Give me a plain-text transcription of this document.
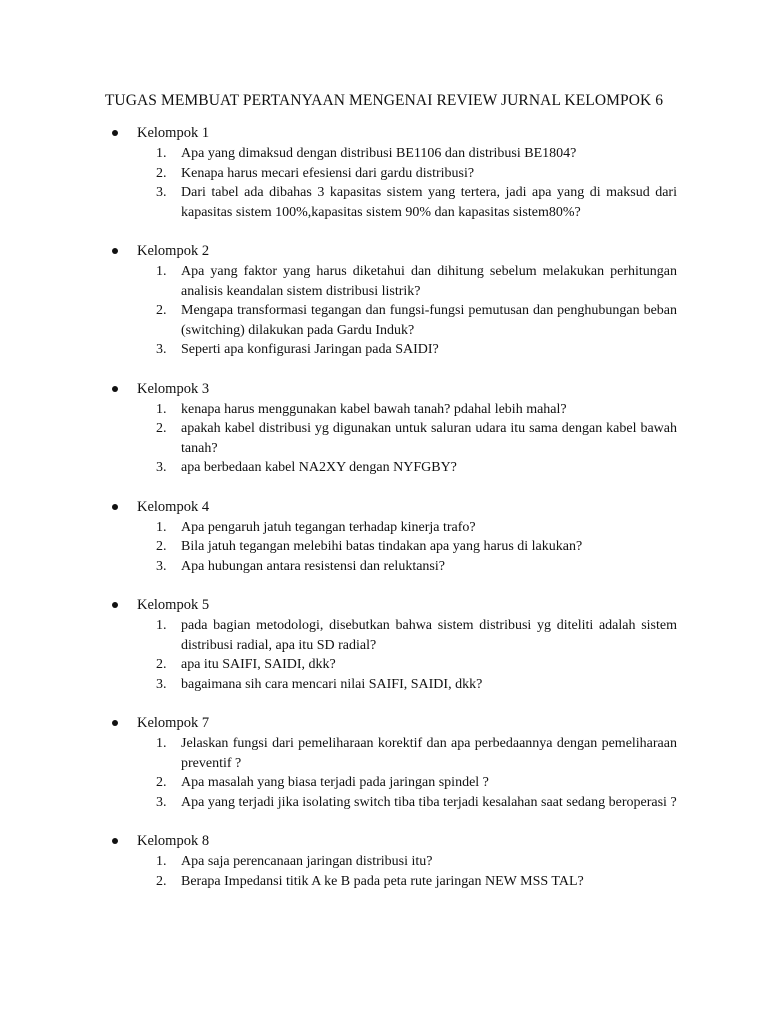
TUGAS MEMBUAT PERTANYAAN MENGENAI REVIEW JURNAL KELOMPOK 6
Kelompok 1
1. Apa yang dimaksud dengan distribusi BE1106 dan distribusi BE1804?
2. Kenapa harus mecari efesiensi dari gardu distribusi?
3. Dari tabel ada dibahas 3 kapasitas sistem yang tertera, jadi apa yang di maksud dari kapasitas sistem 100%,kapasitas sistem 90% dan kapasitas sistem80%?
Kelompok 2
1. Apa yang faktor yang harus diketahui dan dihitung sebelum melakukan perhitungan analisis keandalan sistem distribusi listrik?
2. Mengapa transformasi tegangan dan fungsi-fungsi pemutusan dan penghubungan beban (switching) dilakukan pada Gardu Induk?
3. Seperti apa konfigurasi Jaringan pada SAIDI?
Kelompok 3
1. kenapa harus menggunakan kabel bawah tanah? pdahal lebih mahal?
2. apakah kabel distribusi yg digunakan untuk saluran udara itu sama dengan kabel bawah tanah?
3. apa berbedaan kabel NA2XY dengan NYFGBY?
Kelompok 4
1. Apa pengaruh jatuh tegangan terhadap kinerja trafo?
2. Bila jatuh tegangan melebihi batas tindakan apa yang harus di lakukan?
3. Apa hubungan antara resistensi dan reluktansi?
Kelompok 5
1. pada bagian metodologi, disebutkan bahwa sistem distribusi yg diteliti adalah sistem distribusi radial, apa itu SD radial?
2. apa itu SAIFI, SAIDI, dkk?
3. bagaimana sih cara mencari nilai SAIFI, SAIDI, dkk?
Kelompok 7
1. Jelaskan fungsi dari pemeliharaan korektif dan apa perbedaannya dengan pemeliharaan preventif ?
2. Apa masalah yang biasa terjadi pada jaringan spindel ?
3. Apa yang terjadi jika isolating switch tiba tiba terjadi kesalahan saat sedang beroperasi ?
Kelompok 8
1. Apa saja perencanaan jaringan distribusi itu?
2. Berapa Impedansi titik A ke B pada peta rute jaringan NEW MSS TAL?
